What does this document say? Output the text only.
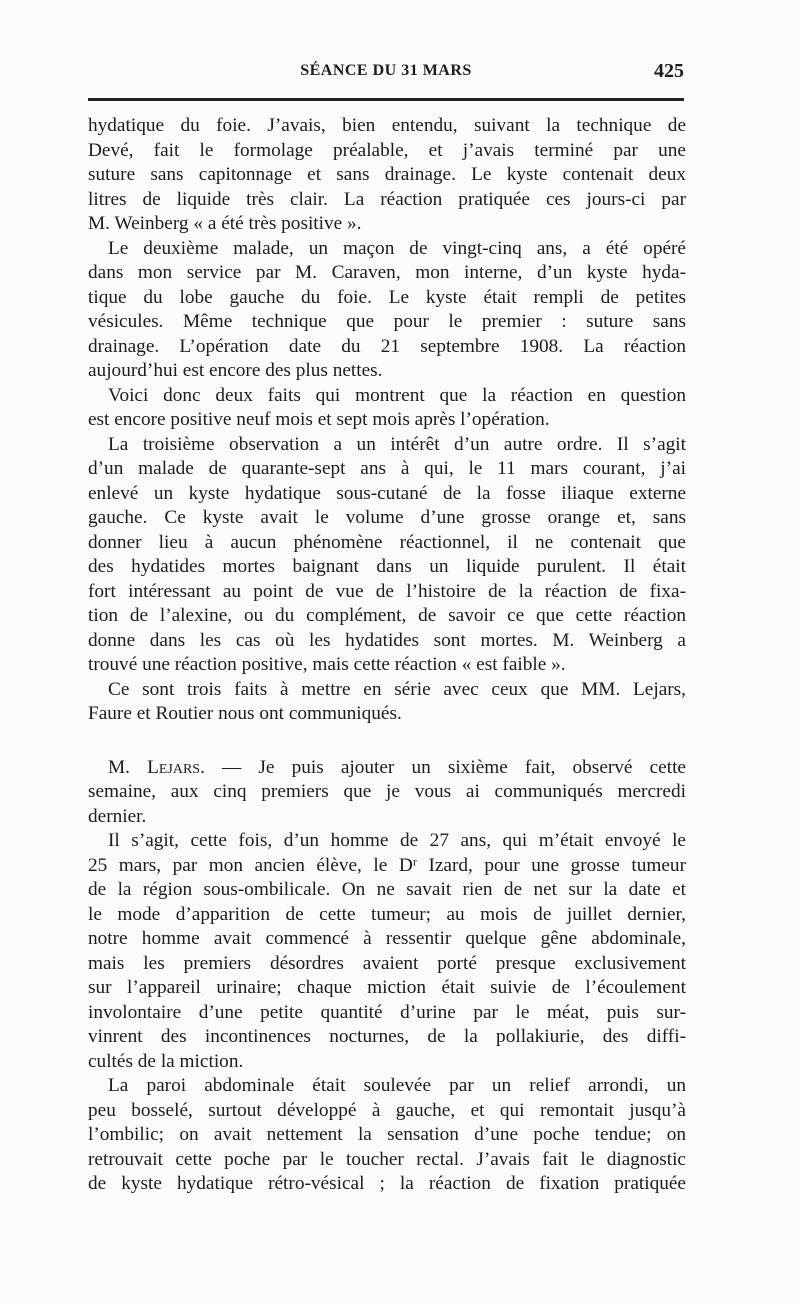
SÉANCE DU 31 MARS	425
hydatique du foie. J’avais, bien entendu, suivant la technique de
Devé, fait le formolage préalable, et j’avais terminé par une
suture sans capitonnage et sans drainage. Le kyste contenait deux
litres de liquide très clair. La réaction pratiquée ces jours-ci par
M. Weinberg « a été très positive ».
Le deuxième malade, un maçon de vingt-cinq ans, a été opéré
dans mon service par M. Caraven, mon interne, d’un kyste hyda-
tique du lobe gauche du foie. Le kyste était rempli de petites
vésicules. Même technique que pour le premier : suture sans
drainage. L’opération date du 21 septembre 1908. La réaction
aujourd’hui est encore des plus nettes.
Voici donc deux faits qui montrent que la réaction en question
est encore positive neuf mois et sept mois après l’opération.
La troisième observation a un intérêt d’un autre ordre. Il s’agit
d’un malade de quarante-sept ans à qui, le 11 mars courant, j’ai
enlevé un kyste hydatique sous-cutané de la fosse iliaque externe
gauche. Ce kyste avait le volume d’une grosse orange et, sans
donner lieu à aucun phénomène réactionnel, il ne contenait que
des hydatides mortes baignant dans un liquide purulent. Il était
fort intéressant au point de vue de l’histoire de la réaction de fixa-
tion de l’alexine, ou du complément, de savoir ce que cette réaction
donne dans les cas où les hydatides sont mortes. M. Weinberg a
trouvé une réaction positive, mais cette réaction « est faible ».
Ce sont trois faits à mettre en série avec ceux que MM. Lejars,
Faure et Routier nous ont communiqués.
M. Lejars. — Je puis ajouter un sixième fait, observé cette
semaine, aux cinq premiers que je vous ai communiqués mercredi
dernier.
Il s’agit, cette fois, d’un homme de 27 ans, qui m’était envoyé le
25 mars, par mon ancien élève, le Dʳ Izard, pour une grosse tumeur
de la région sous-ombilicale. On ne savait rien de net sur la date et
le mode d’apparition de cette tumeur; au mois de juillet dernier,
notre homme avait commencé à ressentir quelque gêne abdominale,
mais les premiers désordres avaient porté presque exclusivement
sur l’appareil urinaire; chaque miction était suivie de l’écoulement
involontaire d’une petite quantité d’urine par le méat, puis sur-
vinrent des incontinences nocturnes, de la pollakiurie, des diffi-
cultés de la miction.
La paroi abdominale était soulevée par un relief arrondi, un
peu bosselé, surtout développé à gauche, et qui remontait jusqu’à
l’ombilic; on avait nettement la sensation d’une poche tendue; on
retrouvait cette poche par le toucher rectal. J’avais fait le diagnostic
de kyste hydatique rétro-vésical ; la réaction de fixation pratiquée
